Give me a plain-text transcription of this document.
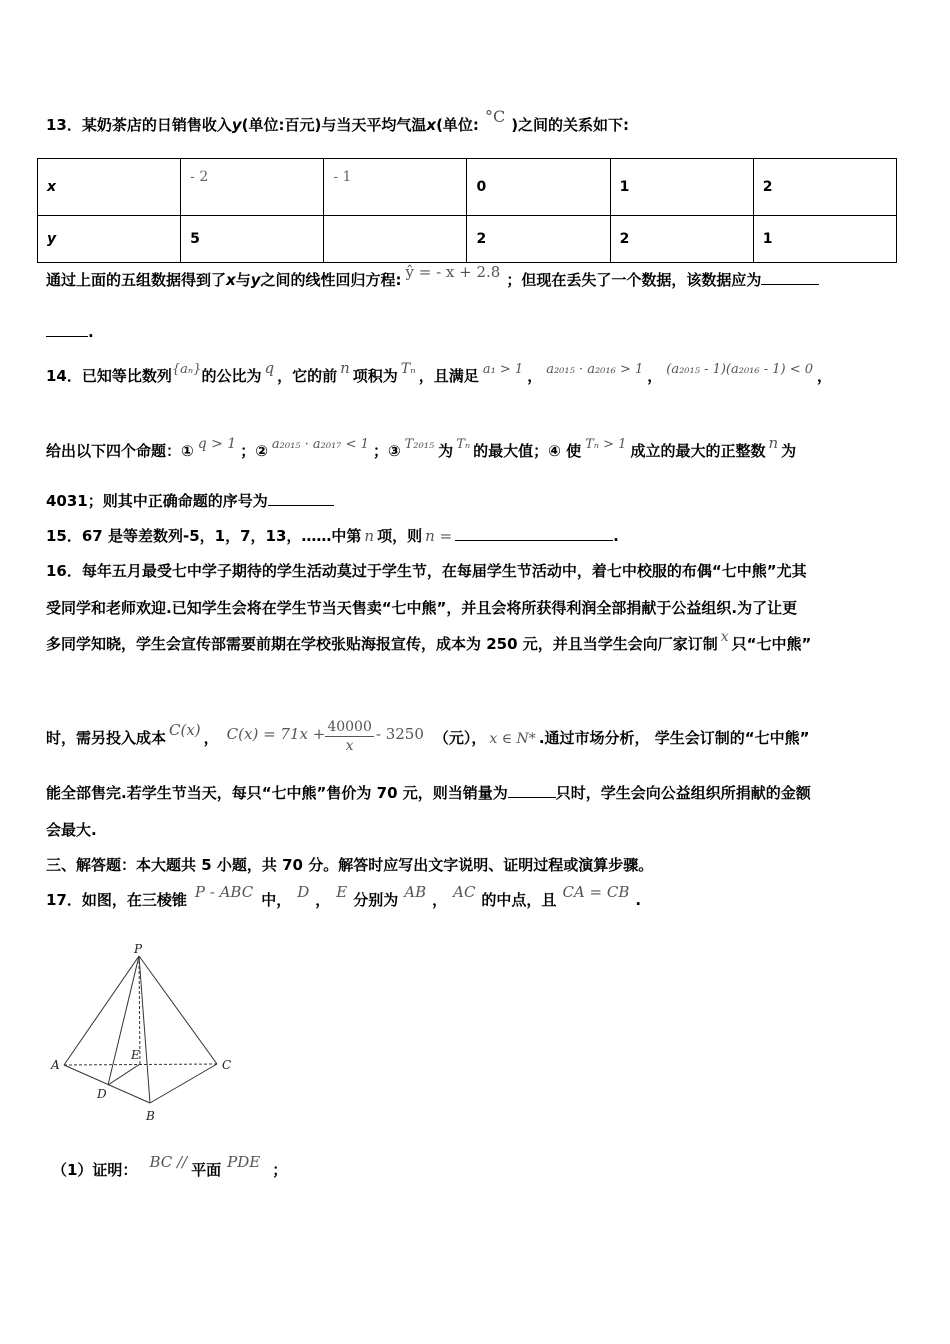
13．某奶茶店的日销售收入y(单位:百元)与当天平均气温x(单位: °C )之间的关系如下:
x	- 2	- 1	0	1	2
y	5		2	2	1
通过上面的五组数据得到了x与y之间的线性回归方程: ŷ = - x + 2.8 ；但现在丢失了一个数据，该数据应为
.
14．已知等比数列{aₙ}的公比为 q ，它的前 n 项积为 Tₙ ，且满足 a₁ > 1 ， a₂₀₁₅ · a₂₀₁₆ > 1 ， (a₂₀₁₅ - 1)(a₂₀₁₆ - 1) < 0 ，
给出以下四个命题：① q > 1 ；② a₂₀₁₅ · a₂₀₁₇ < 1 ；③ T₂₀₁₅ 为 Tₙ 的最大值；④ 使 Tₙ > 1 成立的最大的正整数 n 为
4031；则其中正确命题的序号为
15．67 是等差数列-5，1，7，13，……中第 n 项，则 n =	.
16．每年五月最受七中学子期待的学生活动莫过于学生节，在每届学生节活动中，着七中校服的布偶“七中熊”尤其
受同学和老师欢迎.已知学生会将在学生节当天售卖“七中熊”，并且会将所获得利润全部捐献于公益组织.为了让更
多同学知晓，学生会宣传部需要前期在学校张贴海报宣传，成本为 250 元，并且当学生会向厂家订制 x 只“七中熊”
时，需另投入成本 C(x) ， $C(x) = 71x + \frac{40000}{x} - 3250$ （元）， x ∈ N* .通过市场分析， 学生会订制的“七中熊”
能全部售完.若学生节当天，每只“七中熊”售价为 70 元，则当销量为	只时，学生会向公益组织所捐献的金额
会最大.
三、解答题：本大题共 5 小题，共 70 分。解答时应写出文字说明、证明过程或演算步骤。
17．如图，在三棱锥 P - ABC 中， D ， E 分别为 AB ， AC 的中点，且 CA = CB .
P
A	C
B
D
E
（1）证明： BC // 平面 PDE ；
